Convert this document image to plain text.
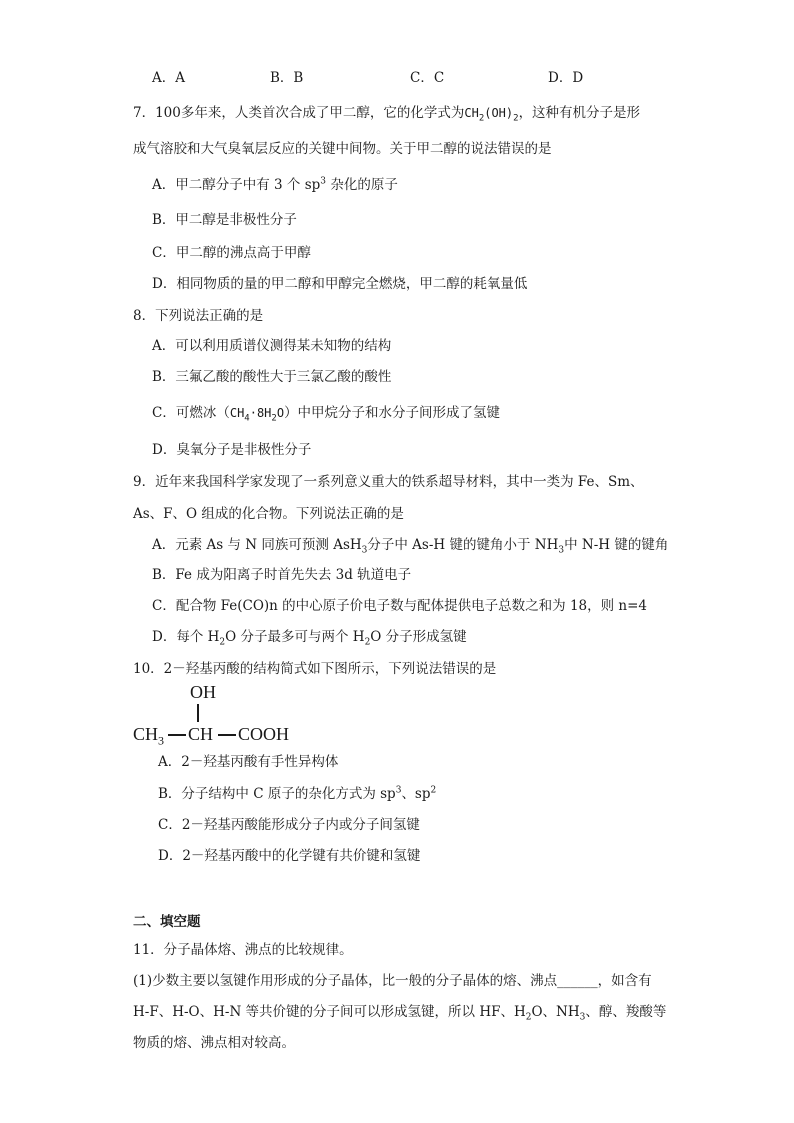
A．A	B．B	C．C	D．D
7．100多年来，人类首次合成了甲二醇，它的化学式为$CH_2(OH)_2$，这种有机分子是形
成气溶胶和大气臭氧层反应的关键中间物。关于甲二醇的说法错误的是
A．甲二醇分子中有 3 个 $sp^3$ 杂化的原子
B．甲二醇是非极性分子
C．甲二醇的沸点高于甲醇
D．相同物质的量的甲二醇和甲醇完全燃烧，甲二醇的耗氧量低
8．下列说法正确的是
A．可以利用质谱仪测得某未知物的结构
B．三氟乙酸的酸性大于三氯乙酸的酸性
C．可燃冰$(CH_4\cdot 8H_2O)$中甲烷分子和水分子间形成了氢键
D．臭氧分子是非极性分子
9．近年来我国科学家发现了一系列意义重大的铁系超导材料，其中一类为 Fe、Sm、
As、F、O 组成的化合物。下列说法正确的是
A．元素 As 与 N 同族可预测 AsH$_3$分子中 As-H 键的键角小于 $NH_3$中 N-H 键的键角
B．Fe 成为阳离子时首先失去 3d 轨道电子
C．配合物 Fe(CO)n 的中心原子价电子数与配体提供电子总数之和为 18，则 n=4
D．每个 $H_2O$ 分子最多可与两个 $H_2O$ 分子形成氢键
10．2－羟基丙酸的结构简式如下图所示，下列说法错误的是
OH
$CH_3$ CH COOH
A．2－羟基丙酸有手性异构体
B．分子结构中 C 原子的杂化方式为 $sp^3$、$sp^2$
C．2－羟基丙酸能形成分子内或分子间氢键
D．2－羟基丙酸中的化学键有共价键和氢键
二、填空题
11．分子晶体熔、沸点的比较规律。
(1)少数主要以氢键作用形成的分子晶体，比一般的分子晶体的熔、沸点______，如含有
H-F、H-O、H-N 等共价键的分子间可以形成氢键，所以 HF、$H_2O$、$NH_3$、醇、羧酸等
物质的熔、沸点相对较高。
